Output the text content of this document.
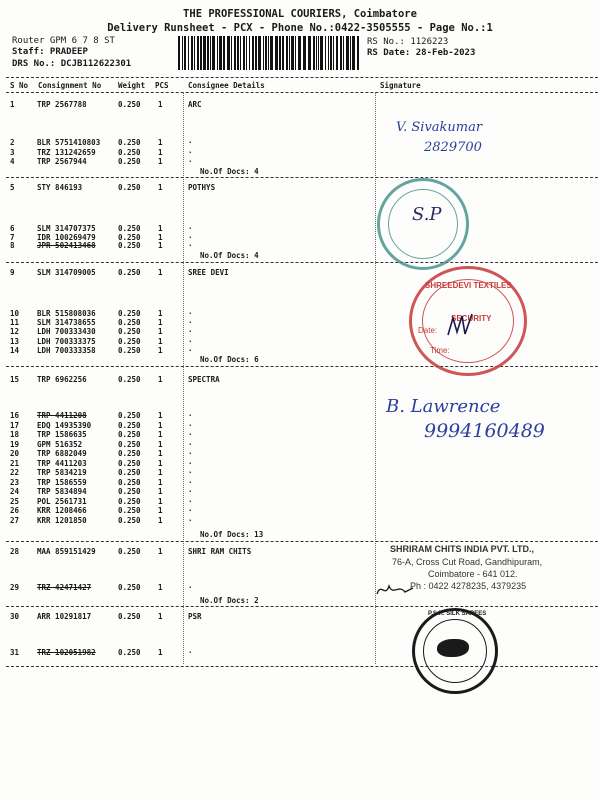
THE PROFESSIONAL COURIERS, Coimbatore
Delivery Runsheet - PCX - Phone No.:0422-3505555 - Page No.:1
Router GPM 6 7 8 ST
Staff: PRADEEP
DRS No.: DCJB112622301
RS No.: 1126223
RS Date: 28-Feb-2023
S No Consignment No Weight PCS	Consignee Details	Signature
1	TRP 2567788	0.250 1	ARC
2	BLR 5751410803 0.250 1	·
3	TRZ 131242659	0.250 1	·
4	TRP 2567944	0.250 1	·
No.Of Docs: 4
5	STY 846193	0.250 1	POTHYS
6	SLM 314707375	0.250 1	·
7	IDR 100269479	0.250 1	·
8	JPR 502413468	0.250 1	·
No.Of Docs: 4
9	SLM 314709005	0.250 1	SREE DEVI
10 BLR 515808036	0.250 1	·
11 SLM 314738655	0.250 1	·
12 LDH 700333430	0.250 1	·
13 LDH 700333375	0.250 1	·
14 LDH 700333358	0.250 1	·
No.Of Docs: 6
15 TRP 6962256	0.250 1	SPECTRA
16 TRP 4411208	0.250 1	·
17 EDQ 14935390	0.250 1	·
18 TRP 1586635	0.250 1	·
19 GPM 516352	0.250 1	·
20 TRP 6882049	0.250 1	·
21 TRP 4411203	0.250 1	·
22 TRP 5834219	0.250 1	·
23 TRP 1586559	0.250 1	·
24 TRP 5834894	0.250 1	·
25 POL 2561731	0.250 1	·
26 KRR 1208466	0.250 1	·
27 KRR 1201850	0.250 1	·
No.Of Docs: 13
28 MAA 859151429	0.250 1	SHRI RAM CHITS
29 TRZ 42471427	0.250 1	·
No.Of Docs: 2
30 ARR 10291817	0.250 1	PSR
31 TRZ 102051982	0.250 1	·
V. Sivakumar
2829700
S.P
SHREEDEVI TEXTILES
SECURITY
Date:
Time:
B. Lawrence
9994160489
SHRIRAM CHITS INDIA PVT. LTD.,
76-A, Cross Cut Road, Gandhipuram,
Coimbatore - 641 012.
Ph : 0422 4278235, 4379235
P.S.R. SILK SAREES
